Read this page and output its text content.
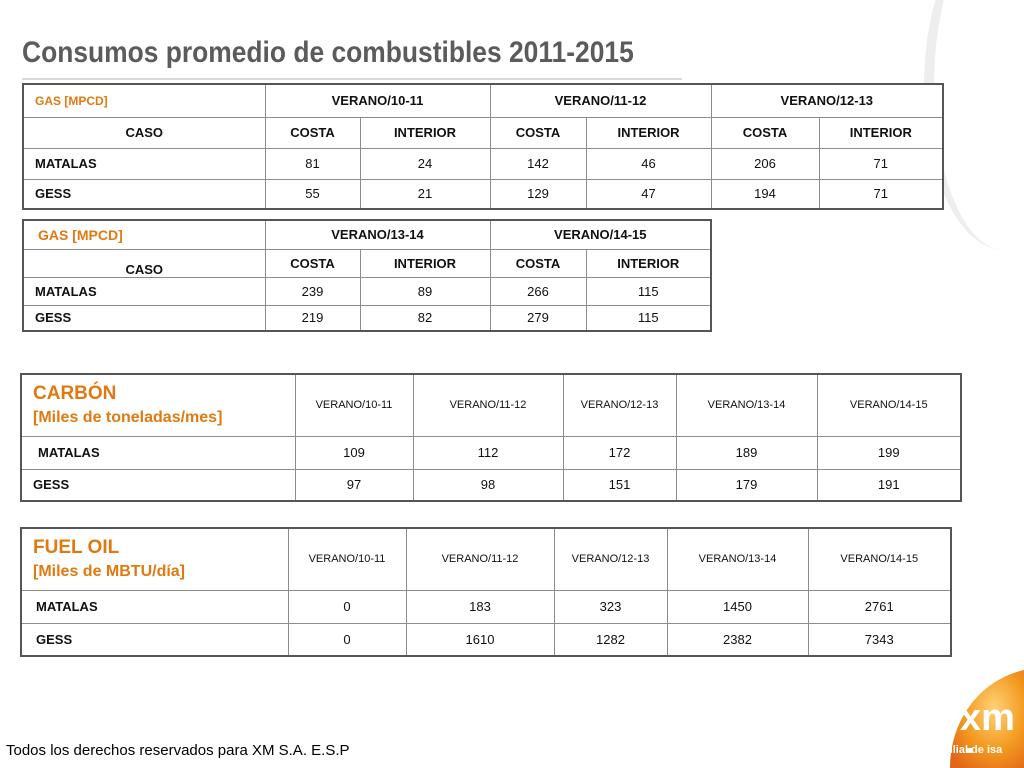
Consumos promedio de combustibles 2011-2015
GAS [MPCD]	VERANO/10-11		VERANO/11-12		VERANO/12-13	
CASO	COSTA	INTERIOR	COSTA	INTERIOR	COSTA	INTERIOR
MATALAS	81	24	142	46	206	71
GESS	55	21	129	47	194	71
GAS [MPCD]	VERANO/13-14		VERANO/14-15	
CASO	COSTA	INTERIOR	COSTA	INTERIOR
MATALAS	239	89	266	115
GESS	219	82	279	115
CARBÓN
[Miles de toneladas/mes]	VERANO/10-11	VERANO/11-12	VERANO/12-13	VERANO/13-14	VERANO/14-15
MATALAS	109	112	172	189	199
GESS	97	98	151	179	191
FUEL OIL
[Miles de MBTU/día]	VERANO/10-11	VERANO/11-12	VERANO/12-13	VERANO/13-14	VERANO/14-15
MATALAS	0	183	323	1450	2761
GESS	0	1610	1282	2382	7343
Todos los derechos reservados para XM S.A. E.S.P
xm
filial de isa
